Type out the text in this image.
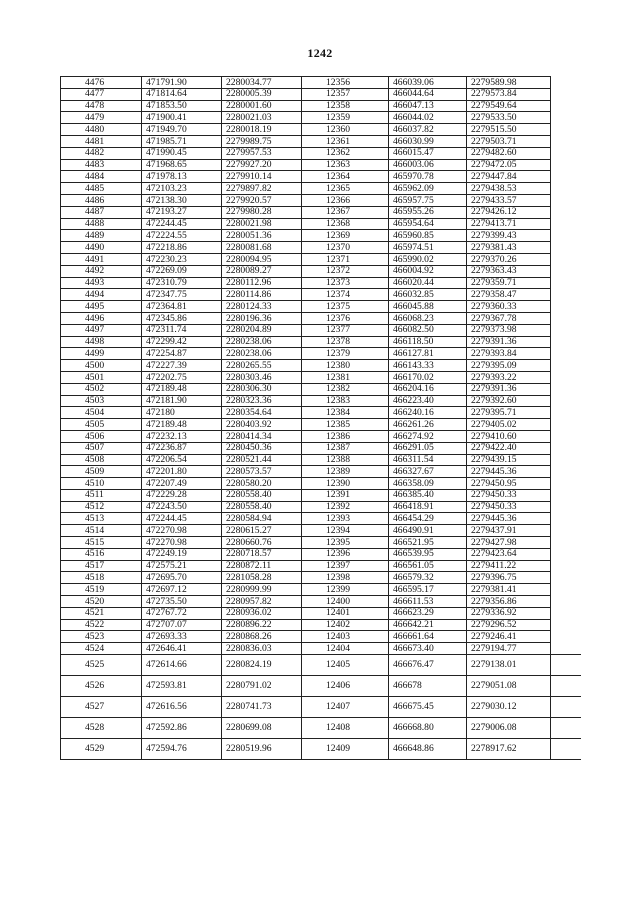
1242
4476	471791.90	2280034.77	12356	466039.06	2279589.98	
4477	471814.64	2280005.39	12357	466044.64	2279573.84	
4478	471853.50	2280001.60	12358	466047.13	2279549.64	
4479	471900.41	2280021.03	12359	466044.02	2279533.50	
4480	471949.70	2280018.19	12360	466037.82	2279515.50	
4481	471985.71	2279989.75	12361	466030.99	2279503.71	
4482	471990.45	2279957.53	12362	466015.47	2279482.60	
4483	471968.65	2279927.20	12363	466003.06	2279472.05	
4484	471978.13	2279910.14	12364	465970.78	2279447.84	
4485	472103.23	2279897.82	12365	465962.09	2279438.53	
4486	472138.30	2279920.57	12366	465957.75	2279433.57	
4487	472193.27	2279980.28	12367	465955.26	2279426.12	
4488	472244.45	2280021.98	12368	465954.64	2279413.71	
4489	472224.55	2280051.36	12369	465960.85	2279399.43	
4490	472218.86	2280081.68	12370	465974.51	2279381.43	
4491	472230.23	2280094.95	12371	465990.02	2279370.26	
4492	472269.09	2280089.27	12372	466004.92	2279363.43	
4493	472310.79	2280112.96	12373	466020.44	2279359.71	
4494	472347.75	2280114.86	12374	466032.85	2279358.47	
4495	472364.81	2280124.33	12375	466045.88	2279360.33	
4496	472345.86	2280196.36	12376	466068.23	2279367.78	
4497	472311.74	2280204.89	12377	466082.50	2279373.98	
4498	472299.42	2280238.06	12378	466118.50	2279391.36	
4499	472254.87	2280238.06	12379	466127.81	2279393.84	
4500	472227.39	2280265.55	12380	466143.33	2279395.09	
4501	472202.75	2280303.46	12381	466170.02	2279393.22	
4502	472189.48	2280306.30	12382	466204.16	2279391.36	
4503	472181.90	2280323.36	12383	466223.40	2279392.60	
4504	472180	2280354.64	12384	466240.16	2279395.71	
4505	472189.48	2280403.92	12385	466261.26	2279405.02	
4506	472232.13	2280414.34	12386	466274.92	2279410.60	
4507	472236.87	2280450.36	12387	466291.05	2279422.40	
4508	472206.54	2280521.44	12388	466311.54	2279439.15	
4509	472201.80	2280573.57	12389	466327.67	2279445.36	
4510	472207.49	2280580.20	12390	466358.09	2279450.95	
4511	472229.28	2280558.40	12391	466385.40	2279450.33	
4512	472243.50	2280558.40	12392	466418.91	2279450.33	
4513	472244.45	2280584.94	12393	466454.29	2279445.36	
4514	472270.98	2280615.27	12394	466490.91	2279437.91	
4515	472270.98	2280660.76	12395	466521.95	2279427.98	
4516	472249.19	2280718.57	12396	466539.95	2279423.64	
4517	472575.21	2280872.11	12397	466561.05	2279411.22	
4518	472695.70	2281058.28	12398	466579.32	2279396.75	
4519	472697.12	2280999.99	12399	466595.17	2279381.41	
4520	472735.50	2280957.82	12400	466611.53	2279356.86	
4521	472767.72	2280936.02	12401	466623.29	2279336.92	
4522	472707.07	2280896.22	12402	466642.21	2279296.52	
4523	472693.33	2280868.26	12403	466661.64	2279246.41	
4524	472646.41	2280836.03	12404	466673.40	2279194.77	
4525	472614.66	2280824.19	12405	466676.47	2279138.01	
4526	472593.81	2280791.02	12406	466678	2279051.08	
4527	472616.56	2280741.73	12407	466675.45	2279030.12	
4528	472592.86	2280699.08	12408	466668.80	2279006.08	
4529	472594.76	2280519.96	12409	466648.86	2278917.62	
